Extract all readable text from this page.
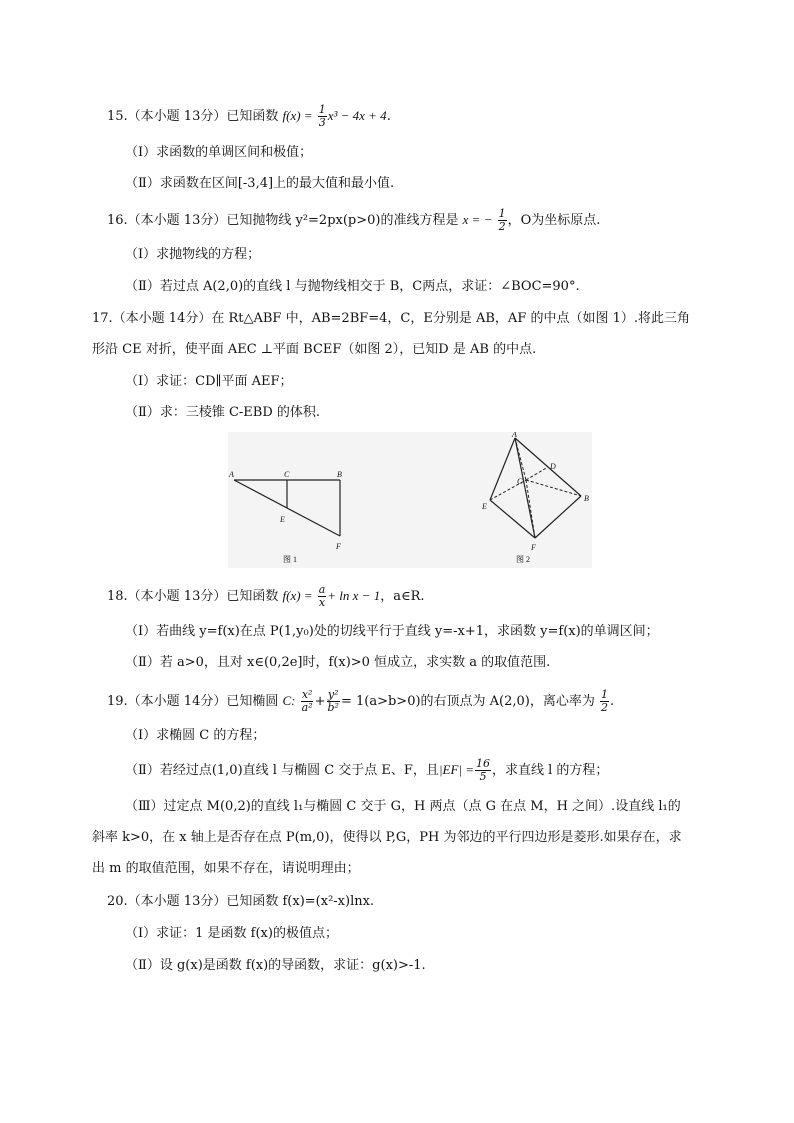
15.（本小题 13分）已知函数 $f(x) = \frac{1}{3} x^3 - 4x + 4$.
（Ⅰ）求函数的单调区间和极值；
（Ⅱ）求函数在区间[-3,4]上的最大值和最小值.
16.（本小题 13分）已知抛物线 y²=2px(p>0)的准线方程是 x = − $\frac{1}{2}$ ，O为坐标原点.
（Ⅰ）求抛物线的方程；
（Ⅱ）若过点 A(2,0)的直线 l 与抛物线相交于 B，C两点，求证：∠BOC=90°.
17.（本小题 14分）在 Rt△ABF 中，AB=2BF=4，C，E分别是 AB，AF 的中点（如图 1）.将此三角
形沿 CE 对折，使平面 AEC ⊥平面 BCEF（如图 2），已知D 是 AB 的中点.
（Ⅰ）求证：CD∥平面 AEF；
（Ⅱ）求：三棱锥 C-EBD 的体积.
A	C	B
E
F
图 1
A
D
C
B
E
F
图 2
18.（本小题 13分）已知函数 $f(x) = \frac{a}{x} + \ln x - 1$，a∈R.
（Ⅰ）若曲线 y=f(x)在点 P(1,y₀)处的切线平行于直线 y=-x+1，求函数 y=f(x)的单调区间；
（Ⅱ）若 a>0，且对 x∈(0,2e]时，f(x)>0 恒成立，求实数 a 的取值范围.
19.（本小题 14分）已知椭圆 C: $\frac{\text{x²}}{\text{a²}} + \frac{\text{y²}}{\text{b²}} = 1(a>b>0)$的右顶点为 A(2,0)，离心率为 $\frac{1}{2}$ .
（Ⅰ）求椭圆 C 的方程；
（Ⅱ）若经过点(1,0)直线 l 与椭圆 C 交于点 E、F，且$|EF| = \frac{16}{5}$ ，求直线 l 的方程；
（Ⅲ）过定点 M(0,2)的直线 l₁与椭圆 C 交于 G，H 两点（点 G 在点 M，H 之间）.设直线 l₁的
斜率 k>0，在 x 轴上是否存在点 P(m,0)，使得以 P,G，PH 为邻边的平行四边形是菱形.如果存在，求
出 m 的取值范围，如果不存在，请说明理由；
20.（本小题 13分）已知函数 f(x)=(x²-x)lnx.
（Ⅰ）求证：1 是函数 f(x)的极值点；
（Ⅱ）设 g(x)是函数 f(x)的导函数，求证：g(x)>-1.
